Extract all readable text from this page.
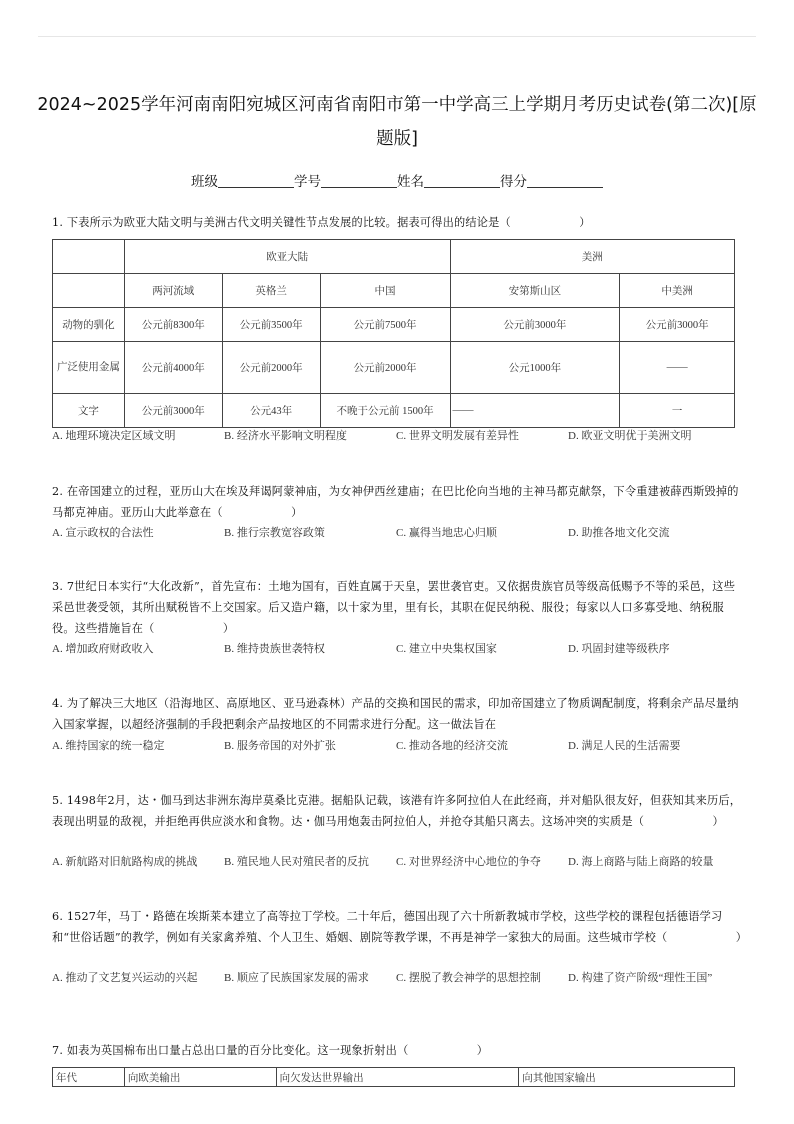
2024~2025学年河南南阳宛城区河南省南阳市第一中学高三上学期月考历史试卷(第二次)[原题版]
班级	学号	姓名	得分
1. 下表所示为欧亚大陆文明与美洲古代文明关键性节点发展的比较。据表可得出的结论是（　　　　　　）
	欧亚大陆			美洲	
	两河流域	英格兰	中国	安第斯山区	中美洲
动物的驯化	公元前8300年	公元前3500年	公元前7500年	公元前3000年	公元前3000年
广泛使用金属	公元前4000年	公元前2000年	公元前2000年	公元1000年	——
文字	公元前3000年	公元43年	不晚于公元前 1500年	——	一
A. 地理环境决定区域文明	B. 经济水平影响文明程度	C. 世界文明发展有差异性	D. 欧亚文明优于美洲文明
2. 在帝国建立的过程，亚历山大在埃及拜谒阿蒙神庙，为女神伊西丝建庙；在巴比伦向当地的主神马都克献祭，下令重建被薛西斯毁掉的马都克神庙。亚历山大此举意在（　　　　　　）
A. 宣示政权的合法性	B. 推行宗教宽容政策	C. 赢得当地忠心归顺	D. 助推各地文化交流
3. 7世纪日本实行“大化改新”，首先宣布：土地为国有，百姓直属于天皇，罢世袭官吏。又依据贵族官员等级高低赐予不等的采邑，这些采邑世袭受领，其所出赋税皆不上交国家。后又造户籍，以十家为里，里有长，其职在促民纳税、服役；每家以人口多寡受地、纳税服役。这些措施旨在（　　　　　　）
A. 增加政府财政收入	B. 维持贵族世袭特权	C. 建立中央集权国家	D. 巩固封建等级秩序
4. 为了解决三大地区（沿海地区、高原地区、亚马逊森林）产品的交换和国民的需求，印加帝国建立了物质调配制度，将剩余产品尽量纳入国家掌握，以超经济强制的手段把剩余产品按地区的不同需求进行分配。这一做法旨在
A. 维持国家的统一稳定	B. 服务帝国的对外扩张	C. 推动各地的经济交流	D. 满足人民的生活需要
5. 1498年2月，达・伽马到达非洲东海岸莫桑比克港。据船队记载，该港有许多阿拉伯人在此经商，并对船队很友好，但获知其来历后，表现出明显的敌视，并拒绝再供应淡水和食物。达・伽马用炮轰击阿拉伯人，并抢夺其船只离去。这场冲突的实质是（　　　　　　）
A. 新航路对旧航路构成的挑战 B. 殖民地人民对殖民者的反抗 C. 对世界经济中心地位的争夺 D. 海上商路与陆上商路的较量
6. 1527年，马丁・路德在埃斯莱本建立了高等拉丁学校。二十年后，德国出现了六十所新教城市学校，这些学校的课程包括德语学习和“世俗话题”的教学，例如有关家禽养殖、个人卫生、婚姻、剧院等教学课，不再是神学一家独大的局面。这些城市学校（　　　　　　）
A. 推动了文艺复兴运动的兴起 B. 顺应了民族国家发展的需求 C. 摆脱了教会神学的思想控制 D. 构建了资产阶级“理性王国”
7. 如表为英国棉布出口量占总出口量的百分比变化。这一现象折射出（　　　　　　）
年代	向欧美输出	向欠发达世界输出	向其他国家输出
